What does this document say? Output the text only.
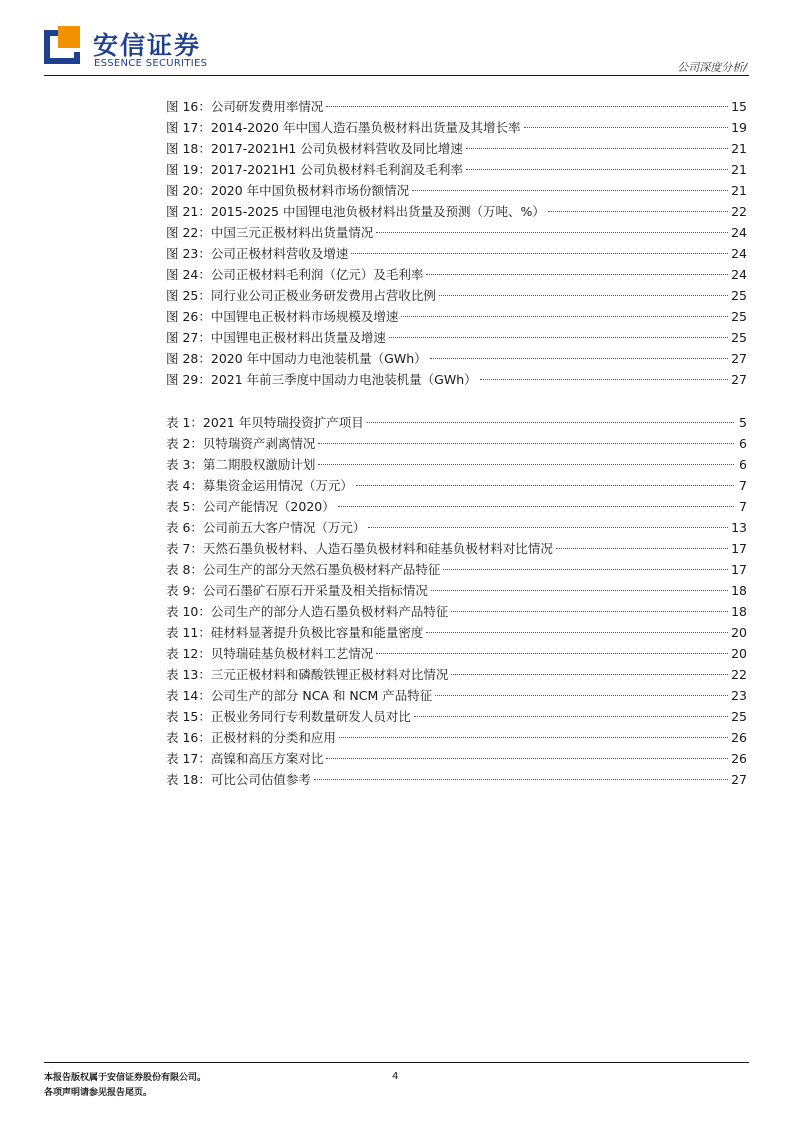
安信证券
ESSENCE SECURITIES	公司深度分析/
图 16：公司研发费用率情况	15
图 17：2014-2020 年中国人造石墨负极材料出货量及其增长率	19
图 18：2017-2021H1 公司负极材料营收及同比增速	21
图 19：2017-2021H1 公司负极材料毛利润及毛利率	21
图 20：2020 年中国负极材料市场份额情况	21
图 21：2015-2025 中国锂电池负极材料出货量及预测（万吨、%）	22
图 22：中国三元正极材料出货量情况	24
图 23：公司正极材料营收及增速	24
图 24：公司正极材料毛利润（亿元）及毛利率	24
图 25：同行业公司正极业务研发费用占营收比例	25
图 26：中国锂电正极材料市场规模及增速	25
图 27：中国锂电正极材料出货量及增速	25
图 28：2020 年中国动力电池装机量（GWh）	27
图 29：2021 年前三季度中国动力电池装机量（GWh）	27
表 1：2021 年贝特瑞投资扩产项目	5
表 2：贝特瑞资产剥离情况	6
表 3：第二期股权激励计划	6
表 4：募集资金运用情况（万元）	7
表 5：公司产能情况（2020）	7
表 6：公司前五大客户情况（万元）	13
表 7：天然石墨负极材料、人造石墨负极材料和硅基负极材料对比情况	17
表 8：公司生产的部分天然石墨负极材料产品特征	17
表 9：公司石墨矿石原石开采量及相关指标情况	18
表 10：公司生产的部分人造石墨负极材料产品特征	18
表 11：硅材料显著提升负极比容量和能量密度	20
表 12：贝特瑞硅基负极材料工艺情况	20
表 13：三元正极材料和磷酸铁锂正极材料对比情况	22
表 14：公司生产的部分 NCA 和 NCM 产品特征	23
表 15：正极业务同行专利数量研发人员对比	25
表 16：正极材料的分类和应用	26
表 17：高镍和高压方案对比	26
表 18：可比公司估值参考	27
本报告版权属于安信证券股份有限公司。
各项声明请参见报告尾页。
4
